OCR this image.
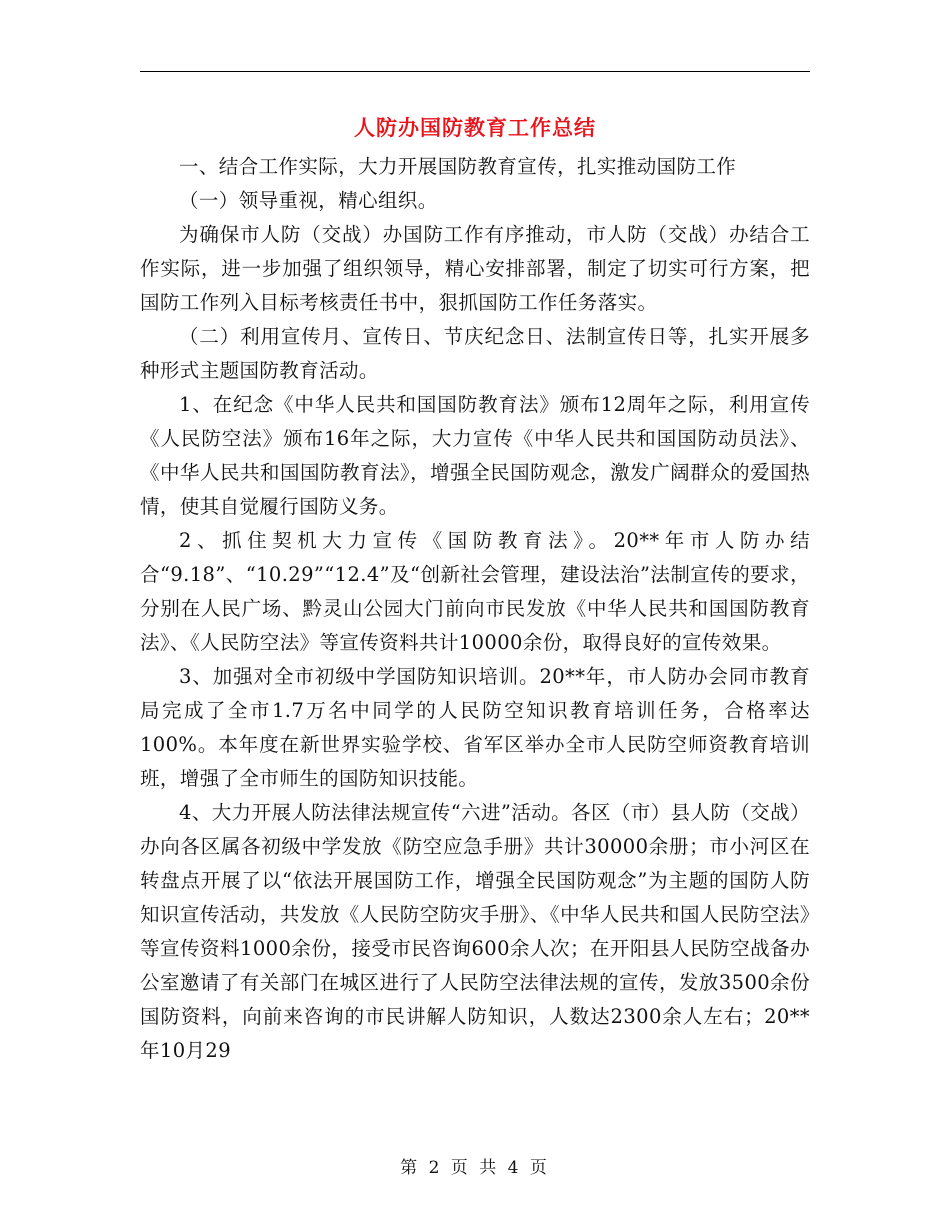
人防办国防教育工作总结

一、结合工作实际，大力开展国防教育宣传，扎实推动国防工作

（一）领导重视，精心组织。

为确保市人防（交战）办国防工作有序推动，市人防（交战）办结合工作实际，进一步加强了组织领导，精心安排部署，制定了切实可行方案，把国防工作列入目标考核责任书中，狠抓国防工作任务落实。

（二）利用宣传月、宣传日、节庆纪念日、法制宣传日等，扎实开展多种形式主题国防教育活动。

1、在纪念《中华人民共和国国防教育法》颁布12周年之际，利用宣传《人民防空法》颁布16年之际，大力宣传《中华人民共和国国防动员法》、《中华人民共和国国防教育法》，增强全民国防观念，激发广阔群众的爱国热情，使其自觉履行国防义务。

2、抓住契机大力宣传《国防教育法》。20**年市人防办结合“9.18”、“10.29”“12.4”及“创新社会管理，建设法治”法制宣传的要求，分别在人民广场、黔灵山公园大门前向市民发放《中华人民共和国国防教育法》、《人民防空法》等宣传资料共计10000余份，取得良好的宣传效果。

3、加强对全市初级中学国防知识培训。20**年，市人防办会同市教育局完成了全市1.7万名中同学的人民防空知识教育培训任务，合格率达100%。本年度在新世界实验学校、省军区举办全市人民防空师资教育培训班，增强了全市师生的国防知识技能。

4、大力开展人防法律法规宣传“六进”活动。各区（市）县人防（交战）办向各区属各初级中学发放《防空应急手册》共计30000余册；市小河区在转盘点开展了以“依法开展国防工作，增强全民国防观念”为主题的国防人防知识宣传活动，共发放《人民防空防灾手册》、《中华人民共和国人民防空法》等宣传资料1000余份，接受市民咨询600余人次；在开阳县人民防空战备办公室邀请了有关部门在城区进行了人民防空法律法规的宣传，发放3500余份国防资料，向前来咨询的市民讲解人防知识，人数达2300余人左右；20**年10月29

第 2 页 共 4 页
